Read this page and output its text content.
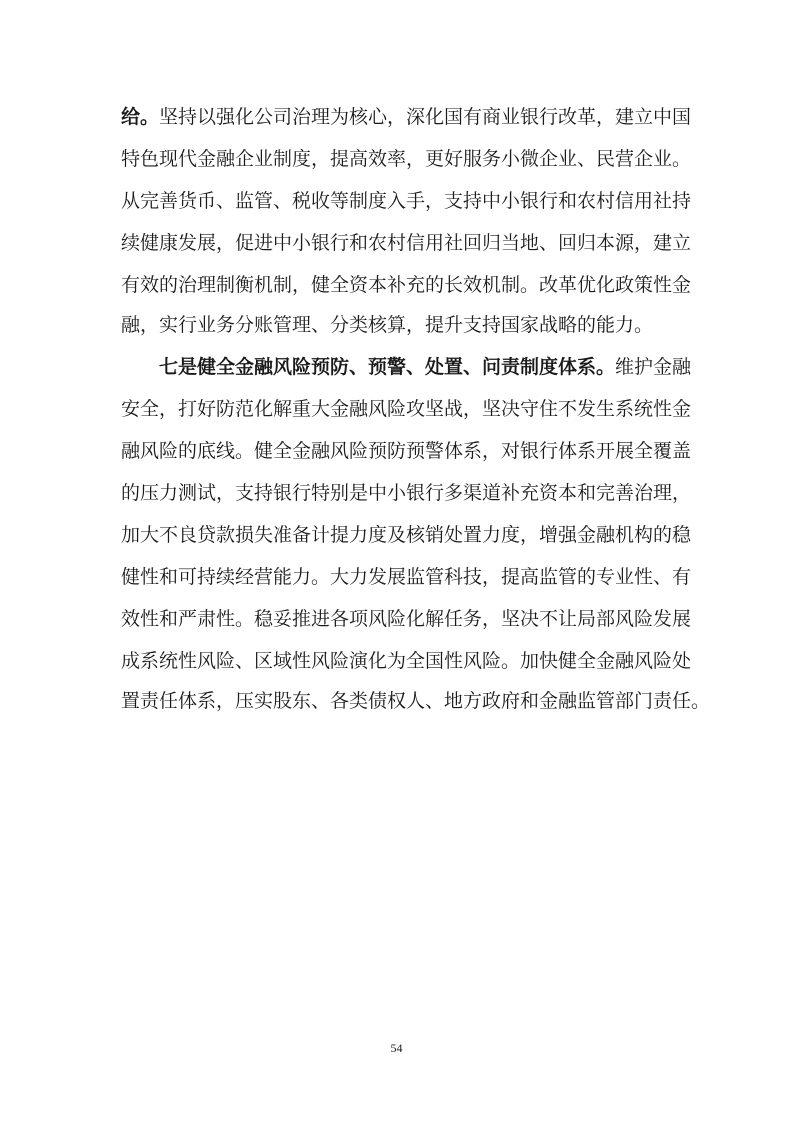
给。坚持以强化公司治理为核心，深化国有商业银行改革，建立中国
特色现代金融企业制度，提高效率，更好服务小微企业、民营企业。
从完善货币、监管、税收等制度入手，支持中小银行和农村信用社持
续健康发展，促进中小银行和农村信用社回归当地、回归本源，建立
有效的治理制衡机制，健全资本补充的长效机制。改革优化政策性金
融，实行业务分账管理、分类核算，提升支持国家战略的能力。
七是健全金融风险预防、预警、处置、问责制度体系。维护金融
安全，打好防范化解重大金融风险攻坚战，坚决守住不发生系统性金
融风险的底线。健全金融风险预防预警体系，对银行体系开展全覆盖
的压力测试，支持银行特别是中小银行多渠道补充资本和完善治理，
加大不良贷款损失准备计提力度及核销处置力度，增强金融机构的稳
健性和可持续经营能力。大力发展监管科技，提高监管的专业性、有
效性和严肃性。稳妥推进各项风险化解任务，坚决不让局部风险发展
成系统性风险、区域性风险演化为全国性风险。加快健全金融风险处
置责任体系，压实股东、各类债权人、地方政府和金融监管部门责任。
54
